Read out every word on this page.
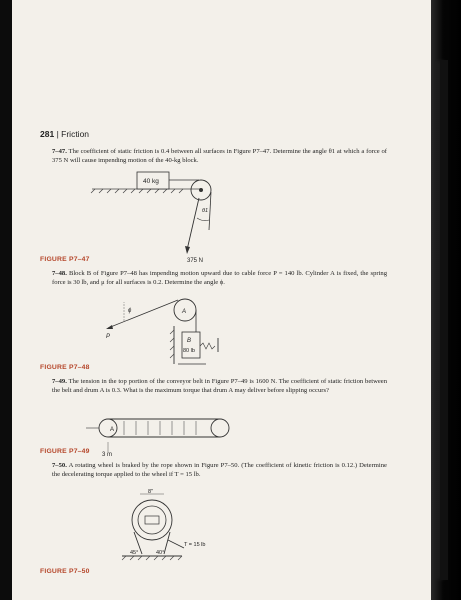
281 | Friction
7–47. The coefficient of static friction is 0.4 between all surfaces in Figure P7–47. Determine the angle θ1 at which a force of 375 N will cause impending motion of the 40-kg block.
40 kg
θ1
375 N
FIGURE P7–47
7–48. Block B of Figure P7–48 has impending motion upward due to cable force P = 140 lb. Cylinder A is fixed, the spring force is 30 lb, and μ for all surfaces is 0.2. Determine the angle ϕ.
P
ϕ	A
B
80 lb
FIGURE P7–48
7–49. The tension in the top portion of the conveyor belt in Figure P7–49 is 1600 N. The coefficient of static friction between the belt and drum A is 0.3. What is the maximum torque that drum A may deliver before slipping occurs?
A
3 m
FIGURE P7–49
7–50. A rotating wheel is braked by the rope shown in Figure P7–50. (The coefficient of kinetic friction is 0.12.) Determine the decelerating torque applied to the wheel if T = 15 lb.
8"
T = 15 lb
45°	40°
FIGURE P7–50
